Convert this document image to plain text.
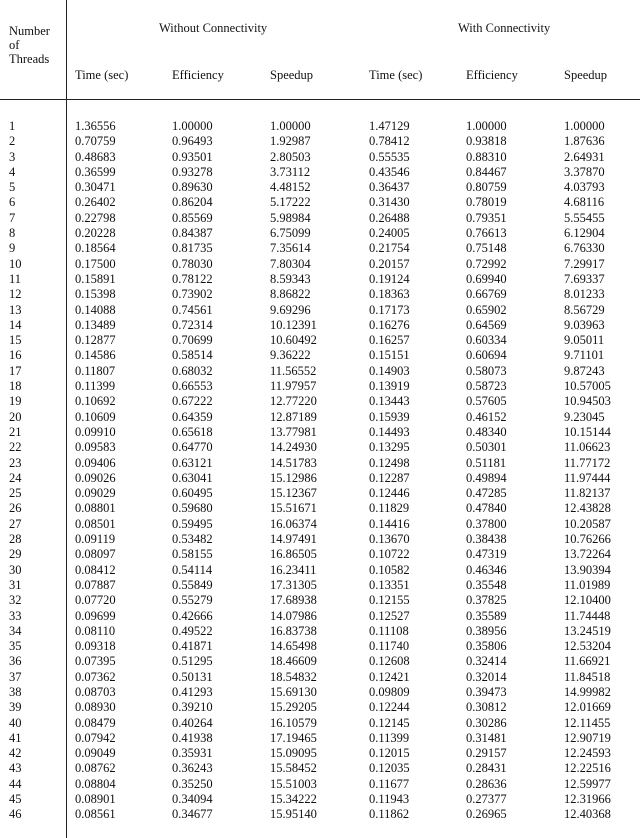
Number
of
Threads
Without Connectivity	With Connectivity
Time (sec)	Efficiency	Speedup	Time (sec)	Efficiency	Speedup
1	1.36556	1.00000	1.00000	1.47129	1.00000	1.00000
2	0.70759	0.96493	1.92987	0.78412	0.93818	1.87636
3	0.48683	0.93501	2.80503	0.55535	0.88310	2.64931
4	0.36599	0.93278	3.73112	0.43546	0.84467	3.37870
5	0.30471	0.89630	4.48152	0.36437	0.80759	4.03793
6	0.26402	0.86204	5.17222	0.31430	0.78019	4.68116
7	0.22798	0.85569	5.98984	0.26488	0.79351	5.55455
8	0.20228	0.84387	6.75099	0.24005	0.76613	6.12904
9	0.18564	0.81735	7.35614	0.21754	0.75148	6.76330
10	0.17500	0.78030	7.80304	0.20157	0.72992	7.29917
11	0.15891	0.78122	8.59343	0.19124	0.69940	7.69337
12	0.15398	0.73902	8.86822	0.18363	0.66769	8.01233
13	0.14088	0.74561	9.69296	0.17173	0.65902	8.56729
14	0.13489	0.72314	10.12391	0.16276	0.64569	9.03963
15	0.12877	0.70699	10.60492	0.16257	0.60334	9.05011
16	0.14586	0.58514	9.36222	0.15151	0.60694	9.71101
17	0.11807	0.68032	11.56552	0.14903	0.58073	9.87243
18	0.11399	0.66553	11.97957	0.13919	0.58723	10.57005
19	0.10692	0.67222	12.77220	0.13443	0.57605	10.94503
20	0.10609	0.64359	12.87189	0.15939	0.46152	9.23045
21	0.09910	0.65618	13.77981	0.14493	0.48340	10.15144
22	0.09583	0.64770	14.24930	0.13295	0.50301	11.06623
23	0.09406	0.63121	14.51783	0.12498	0.51181	11.77172
24	0.09026	0.63041	15.12986	0.12287	0.49894	11.97444
25	0.09029	0.60495	15.12367	0.12446	0.47285	11.82137
26	0.08801	0.59680	15.51671	0.11829	0.47840	12.43828
27	0.08501	0.59495	16.06374	0.14416	0.37800	10.20587
28	0.09119	0.53482	14.97491	0.13670	0.38438	10.76266
29	0.08097	0.58155	16.86505	0.10722	0.47319	13.72264
30	0.08412	0.54114	16.23411	0.10582	0.46346	13.90394
31	0.07887	0.55849	17.31305	0.13351	0.35548	11.01989
32	0.07720	0.55279	17.68938	0.12155	0.37825	12.10400
33	0.09699	0.42666	14.07986	0.12527	0.35589	11.74448
34	0.08110	0.49522	16.83738	0.11108	0.38956	13.24519
35	0.09318	0.41871	14.65498	0.11740	0.35806	12.53204
36	0.07395	0.51295	18.46609	0.12608	0.32414	11.66921
37	0.07362	0.50131	18.54832	0.12421	0.32014	11.84518
38	0.08703	0.41293	15.69130	0.09809	0.39473	14.99982
39	0.08930	0.39210	15.29205	0.12244	0.30812	12.01669
40	0.08479	0.40264	16.10579	0.12145	0.30286	12.11455
41	0.07942	0.41938	17.19465	0.11399	0.31481	12.90719
42	0.09049	0.35931	15.09095	0.12015	0.29157	12.24593
43	0.08762	0.36243	15.58452	0.12035	0.28431	12.22516
44	0.08804	0.35250	15.51003	0.11677	0.28636	12.59977
45	0.08901	0.34094	15.34222	0.11943	0.27377	12.31966
46	0.08561	0.34677	15.95140	0.11862	0.26965	12.40368
